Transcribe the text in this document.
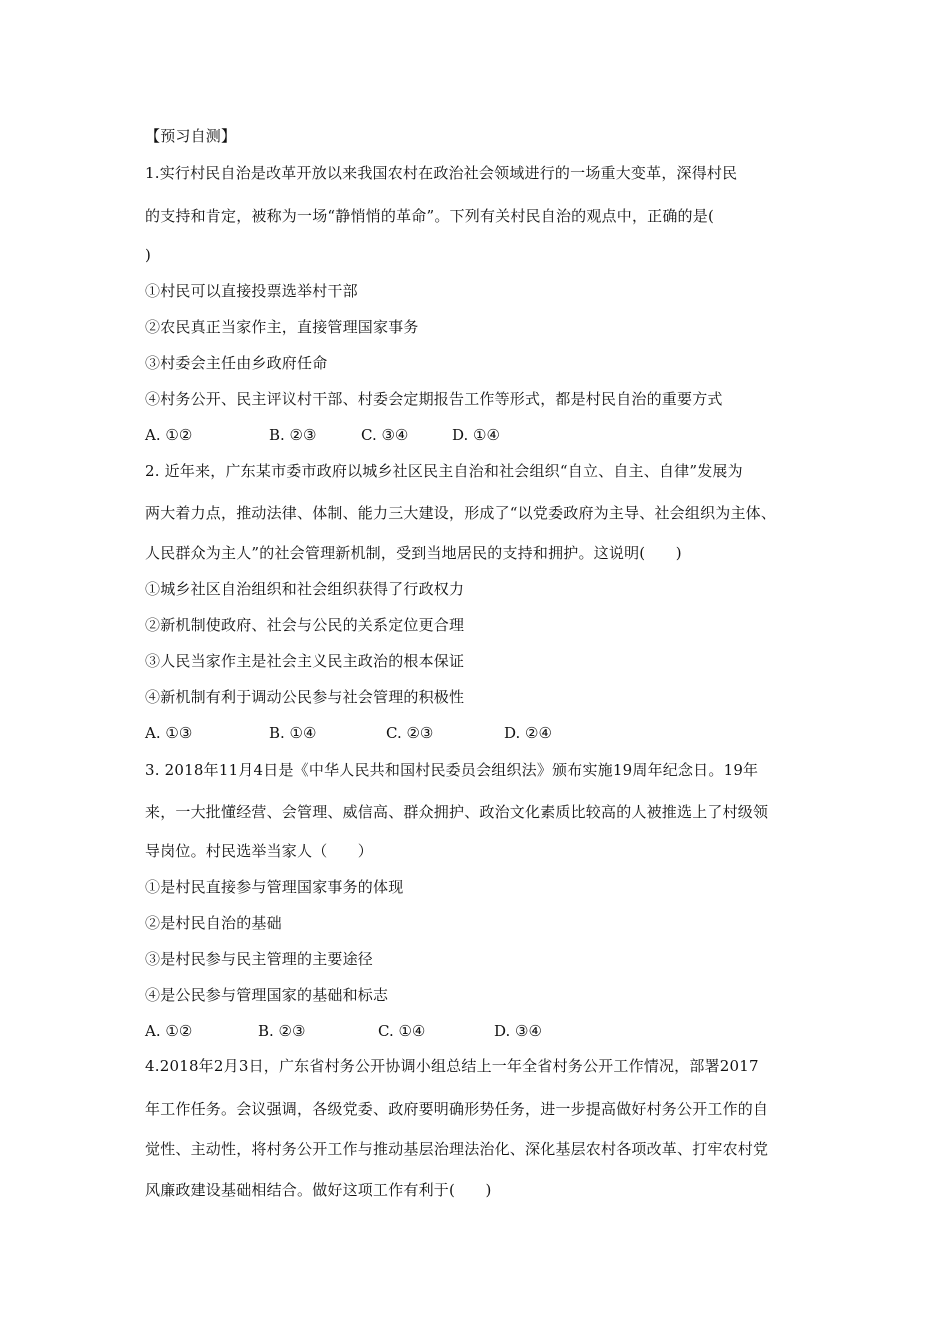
【预习自测】
1.实行村民自治是改革开放以来我国农村在政治社会领域进行的一场重大变革，深得村民
的支持和肯定，被称为一场“静悄悄的革命”。下列有关村民自治的观点中，正确的是(
)
①村民可以直接投票选举村干部
②农民真正当家作主，直接管理国家事务
③村委会主任由乡政府任命
④村务公开、民主评议村干部、村委会定期报告工作等形式，都是村民自治的重要方式
A. ①②	B. ②③	C. ③④	D. ①④
2. 近年来，广东某市委市政府以城乡社区民主自治和社会组织“自立、自主、自律”发展为
两大着力点，推动法律、体制、能力三大建设，形成了“以党委政府为主导、社会组织为主体、
人民群众为主人”的社会管理新机制，受到当地居民的支持和拥护。这说明(　　)
①城乡社区自治组织和社会组织获得了行政权力
②新机制使政府、社会与公民的关系定位更合理
③人民当家作主是社会主义民主政治的根本保证
④新机制有利于调动公民参与社会管理的积极性
A. ①③	B. ①④	C. ②③	D. ②④
3. 2018年11月4日是《中华人民共和国村民委员会组织法》颁布实施19周年纪念日。19年
来，一大批懂经营、会管理、威信高、群众拥护、政治文化素质比较高的人被推选上了村级领
导岗位。村民选举当家人（　　）
①是村民直接参与管理国家事务的体现
②是村民自治的基础
③是村民参与民主管理的主要途径
④是公民参与管理国家的基础和标志
A. ①②	B. ②③	C. ①④	D. ③④
4.2018年2月3日，广东省村务公开协调小组总结上一年全省村务公开工作情况，部署2017
年工作任务。会议强调，各级党委、政府要明确形势任务，进一步提高做好村务公开工作的自
觉性、主动性，将村务公开工作与推动基层治理法治化、深化基层农村各项改革、打牢农村党
风廉政建设基础相结合。做好这项工作有利于(　　)
